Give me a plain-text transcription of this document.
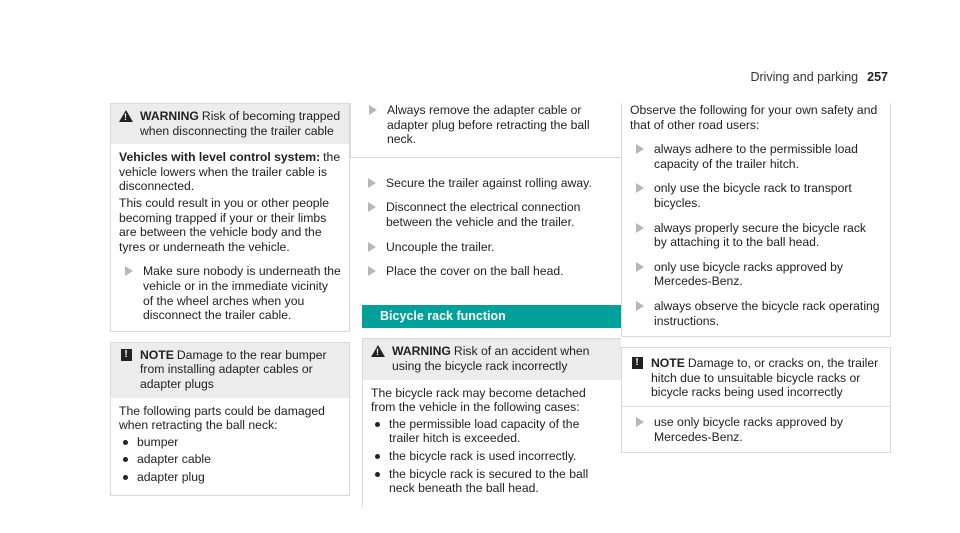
Driving and parking 257
!
WARNING Risk of becoming trapped when disconnecting the trailer cable

Vehicles with level control system: the vehicle lowers when the trailer cable is disconnected.

This could result in you or other people becoming trapped if your or their limbs are between the vehicle body and the tyres or underneath the vehicle.

Make sure nobody is underneath the vehicle or in the immediate vicinity of the wheel arches when you disconnect the trailer cable.
!	NOTE Damage to the rear bumper from installing adapter cables or adapter plugs

The following parts could be damaged when retracting the ball neck:

bumper
adapter cable
adapter plug
Always remove the adapter cable or adapter plug before retracting the ball neck.
Secure the trailer against rolling away.
Disconnect the electrical connection between the vehicle and the trailer.
Uncouple the trailer.
Place the cover on the ball head.
Bicycle rack function
!
WARNING Risk of an accident when using the bicycle rack incorrectly

The bicycle rack may become detached from the vehicle in the following cases:

the permissible load capacity of the trailer hitch is exceeded.
the bicycle rack is used incorrectly.
the bicycle rack is secured to the ball neck beneath the ball head.

Observe the following for your own safety and that of other road users:

always adhere to the permissible load capacity of the trailer hitch.
only use the bicycle rack to transport bicycles.
always properly secure the bicycle rack by attaching it to the ball head.
only use bicycle racks approved by Mercedes-Benz.
always observe the bicycle rack operating instructions.
!	NOTE Damage to, or cracks on, the trailer hitch due to unsuitable bicycle racks or bicycle racks being used incorrectly
use only bicycle racks approved by Mercedes-Benz.
